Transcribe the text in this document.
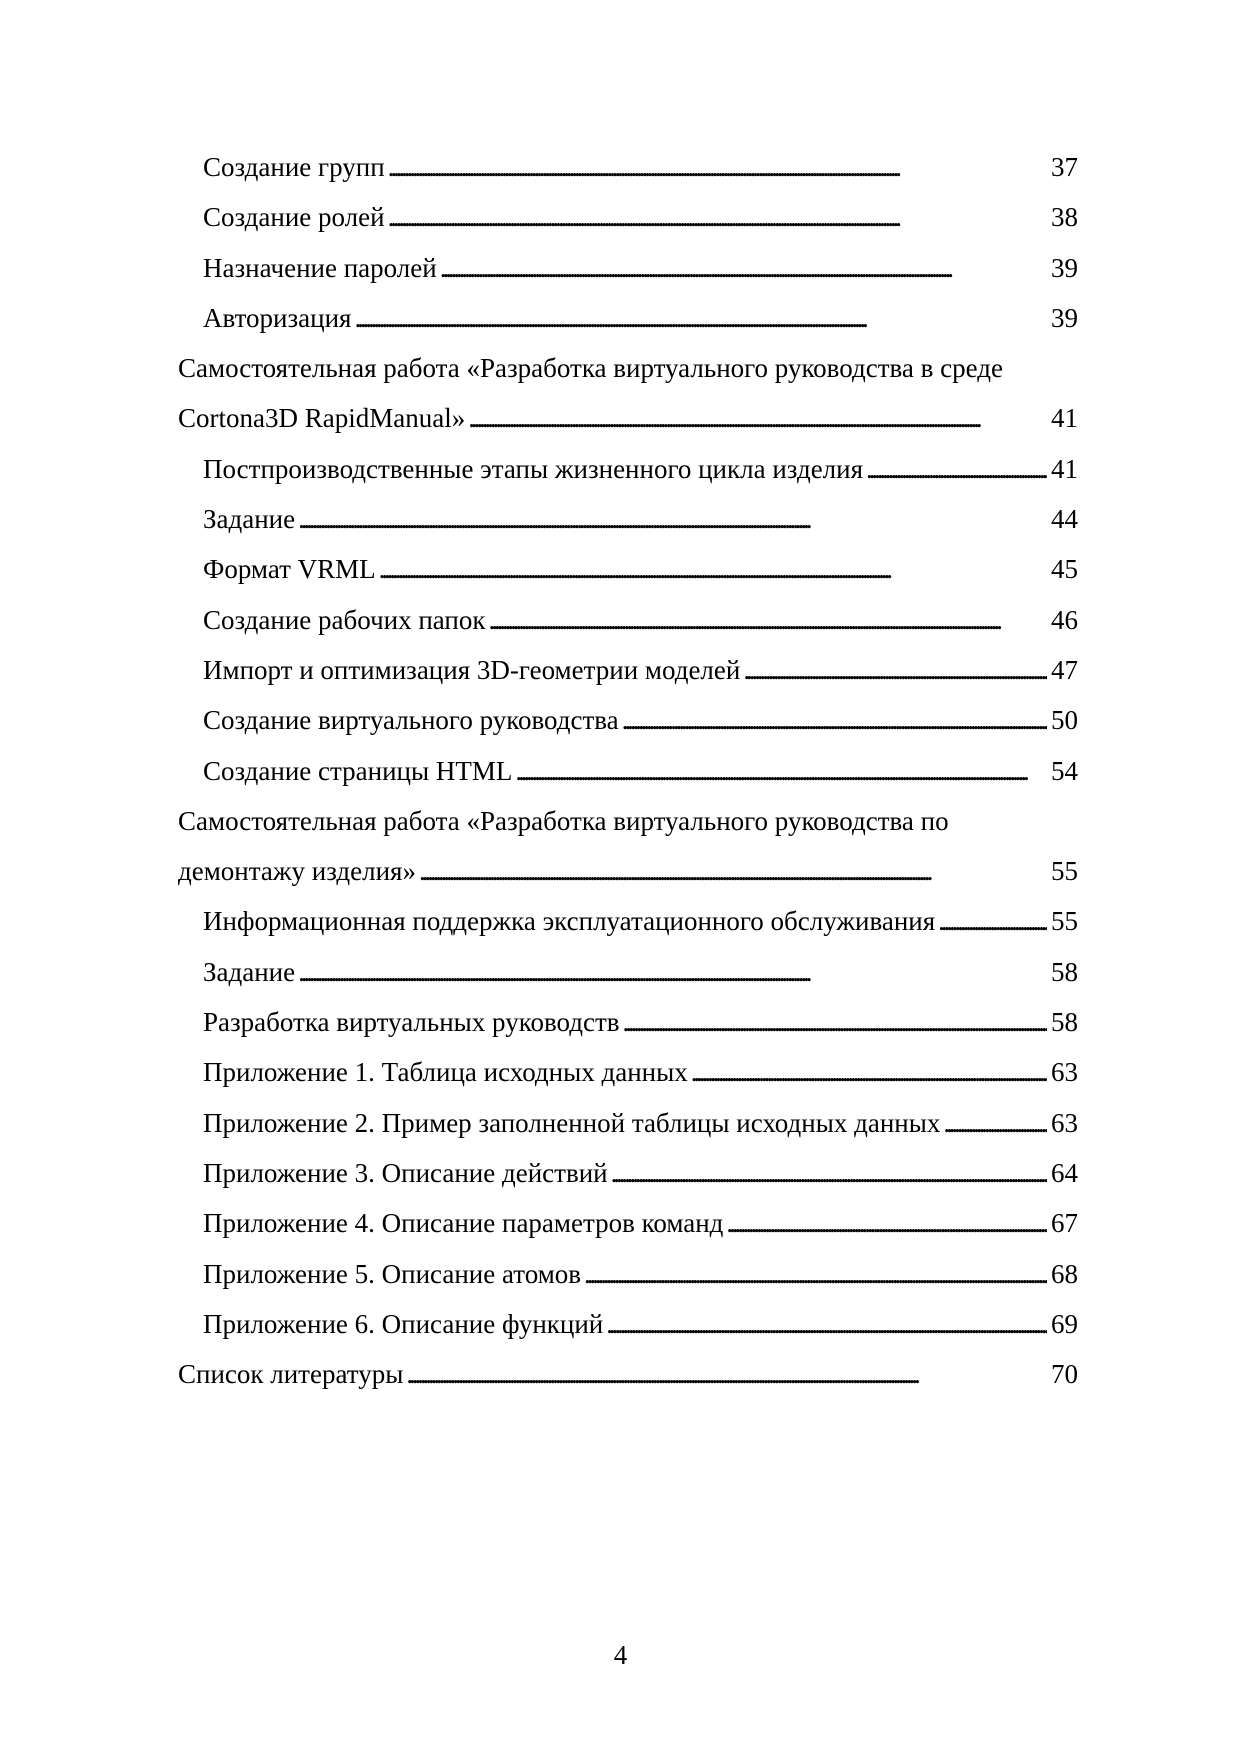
Создание групп . . .	37
Создание ролей . . .	38
Назначение паролей . . .	39
Авторизация . . .	39
Самостоятельная работа «Разработка виртуального руководства в среде
Cortona3D RapidManual» . . .	41
Постпроизводственные этапы жизненного цикла изделия . . .	41
Задание . . .	44
Формат VRML . . .	45
Создание рабочих папок . . .	46
Импорт и оптимизация 3D-геометрии моделей . . .	47
Создание виртуального руководства . . .	50
Создание страницы HTML . . .	54
Самостоятельная работа «Разработка виртуального руководства по
демонтажу изделия» . . .	55
Информационная поддержка эксплуатационного обслуживания . . .	55
Задание . . .	58
Разработка виртуальных руководств . . .	58
Приложение 1. Таблица исходных данных . . .	63
Приложение 2. Пример заполненной таблицы исходных данных . . .	63
Приложение 3. Описание действий . . .	64
Приложение 4. Описание параметров команд . . .	67
Приложение 5. Описание атомов . . .	68
Приложение 6. Описание функций . . .	69
Список литературы . . .	70
4
